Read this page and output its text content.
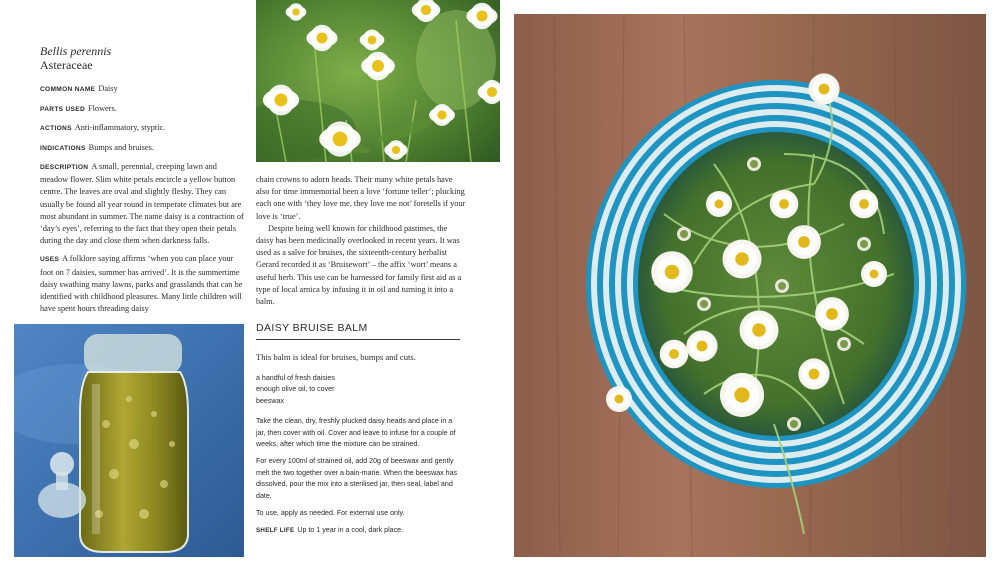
Bellis perennis
Asteraceae

COMMON NAME Daisy

PARTS USED Flowers.

ACTIONS Anti-inflammatory, styptic.

INDICATIONS Bumps and bruises.

DESCRIPTION A small, perennial, creeping lawn and meadow flower. Slim white petals encircle a yellow button centre. The leaves are oval and slightly fleshy. They can usually be found all year round in temperate climates but are most abundant in summer. The name daisy is a contraction of ‘day’s eyes’, referring to the fact that they open their petals during the day and close them when darkness falls.

USES A folklore saying affirms ‘when you can place your foot on 7 daisies, summer has arrived’. It is the summertime daisy swathing many lawns, parks and grasslands that can be identified with childhood pleasures. Many little children will have spent hours threading daisy

chain crowns to adorn heads. Their many white petals have also for time immemorial been a love ‘fortune teller’; plucking each one with ‘they love me, they love me not’ foretells if your love is ‘true’.

Despite being well known for childhood pastimes, the daisy has been medicinally overlooked in recent years. It was used as a salve for bruises, the sixteenth-century herbalist Gerard recorded it as ‘Bruisewort’ – the affix ‘wort’ means a useful herb. This use can be harnessed for family first aid as a type of local arnica by infusing it in oil and turning it into a balm.

DAISY BRUISE BALM

This balm is ideal for bruises, bumps and cuts.

a handful of fresh daisies
enough olive oil, to cover
beeswax

Take the clean, dry, freshly plucked daisy heads and place in a jar, then cover with oil. Cover and leave to infuse for a couple of weeks, after which time the mixture can be strained.

For every 100ml of strained oil, add 20g of beeswax and gently melt the two together over a bain-marie. When the beeswax has dissolved, pour the mix into a sterilised jar, then seal, label and date.

To use, apply as needed. For external use only.

SHELF LIFE Up to 1 year in a cool, dark place.
